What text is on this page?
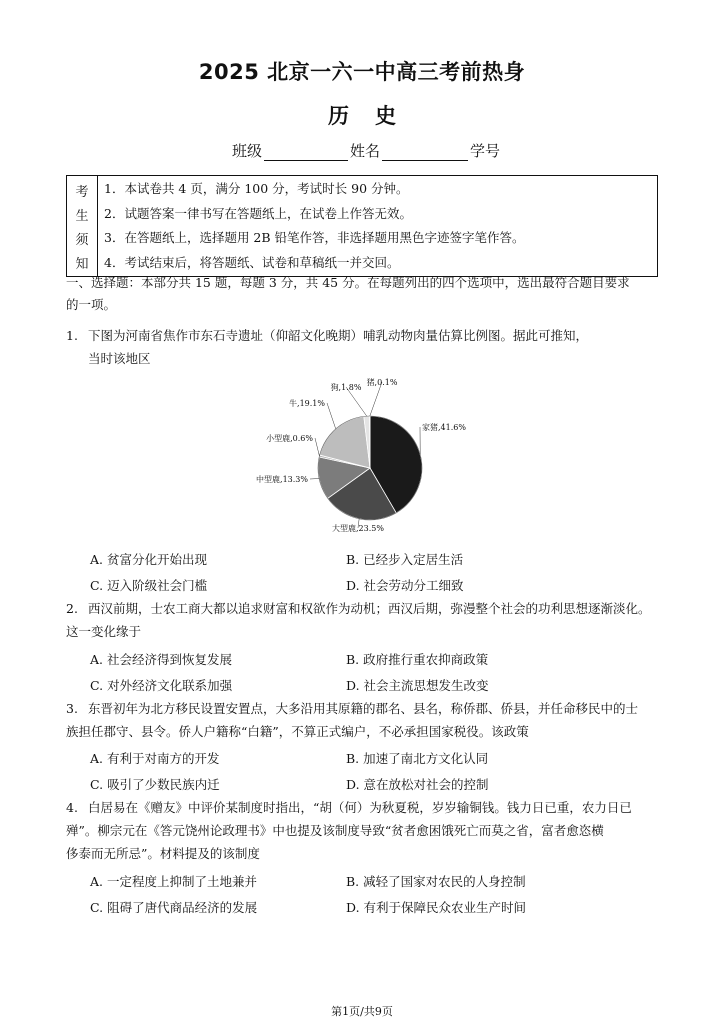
2025 北京一六一中高三考前热身
历史
班级	姓名	学号
考
生
须
知
1．本试卷共 4 页，满分 100 分，考试时长 90 分钟。
2．试题答案一律书写在答题纸上，在试卷上作答无效。
3．在答题纸上，选择题用 2B 铅笔作答，非选择题用黑色字迹签字笔作答。
4．考试结束后，将答题纸、试卷和草稿纸一并交回。
一、选择题：本部分共 15 题，每题 3 分，共 45 分。在每题列出的四个选项中，选出最符合题目要求
的一项。
1. 下图为河南省焦作市东石寺遗址（仰韶文化晚期）哺乳动物肉量估算比例图。据此可推知，
当时该地区
家猪,41.6%
大型鹿,23.5%
中型鹿,13.3%
小型鹿,0.6%
牛,19.1%
狗,1.8%
猪,0.1%
A. 贫富分化开始出现	B. 已经步入定居生活
C. 迈入阶级社会门槛	D. 社会劳动分工细致
2. 西汉前期，士农工商大都以追求财富和权欲作为动机；西汉后期，弥漫整个社会的功利思想逐渐淡化。
这一变化缘于
A. 社会经济得到恢复发展	B. 政府推行重农抑商政策
C. 对外经济文化联系加强	D. 社会主流思想发生改变
3. 东晋初年为北方移民设置安置点，大多沿用其原籍的郡名、县名，称侨郡、侨县，并任命移民中的士
族担任郡守、县令。侨人户籍称“白籍”，不算正式编户，不必承担国家税役。该政策
A. 有利于对南方的开发	B. 加速了南北方文化认同
C. 吸引了少数民族内迁	D. 意在放松对社会的控制
4. 白居易在《赠友》中评价某制度时指出，“胡（何）为秋夏税，岁岁输铜钱。钱力日已重，农力日已
殚”。柳宗元在《答元饶州论政理书》中也提及该制度导致“贫者愈困饿死亡而莫之省，富者愈恣横
侈泰而无所忌”。材料提及的该制度
A. 一定程度上抑制了土地兼并	B. 减轻了国家对农民的人身控制
C. 阻碍了唐代商品经济的发展	D. 有利于保障民众农业生产时间
第1页/共9页
